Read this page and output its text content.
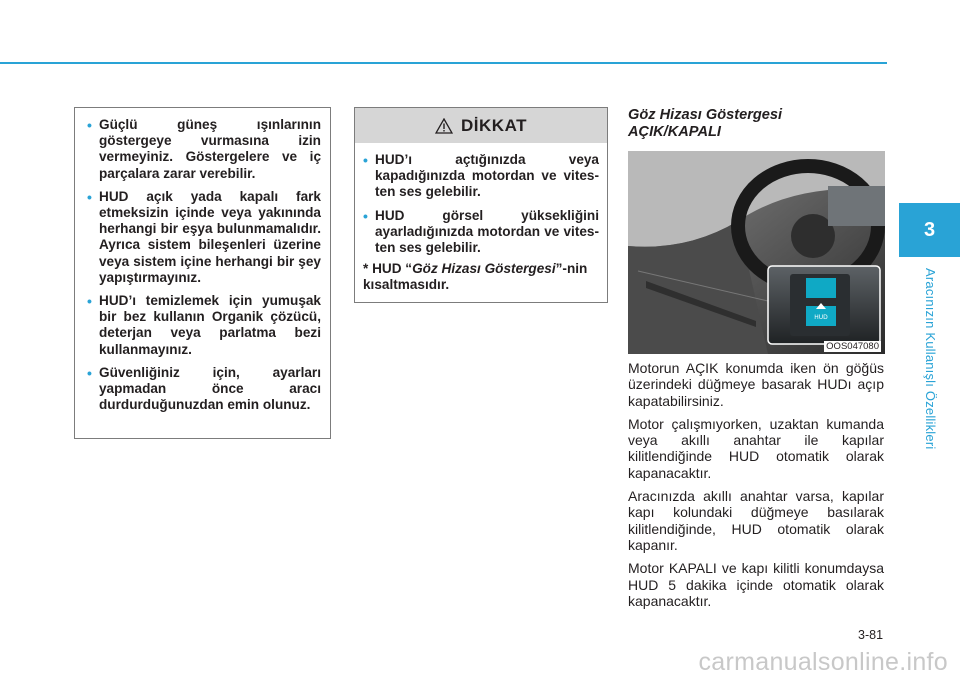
3
Aracınızın Kullanışlı Özellikleri
• Güçlü güneş ışınlarının göstergeye vurmasına izin vermeyiniz. Göstergelere ve iç parçalara zarar verebilir.
• HUD açık yada kapalı fark etmeksizin içinde veya yakınında herhangi bir eşya bulunmamalıdır. Ayrıca sistem bileşenleri üzerine veya sistem içine herhangi bir şey yapıştırmayınız.
• HUD’ı temizlemek için yumuşak bir bez kullanın Organik çözücü, deterjan veya parlatma bezi kullanmayınız.
• Güvenliğiniz için, ayarları yapmadan önce aracı durdurduğunuzdan emin olunuz.
DİKKAT
• HUD’ı açtığınızda veya kapadığınızda motordan ve vites-ten ses gelebilir.
• HUD görsel yüksekliğini ayarladığınızda motordan ve vites-ten ses gelebilir.
* HUD “Göz Hizası Göstergesi”-nin kısaltmasıdır.
Göz Hizası Göstergesi
AÇIK/KAPALI
HUD
OOS047080

Motorun AÇIK konumda iken ön göğüs üzerindeki düğmeye basarak HUDı açıp kapatabilirsiniz.

Motor çalışmıyorken, uzaktan kumanda veya akıllı anahtar ile kapılar kilitlendiğinde HUD otomatik olarak kapanacaktır.

Aracınızda akıllı anahtar varsa, kapılar kapı kolundaki düğmeye basılarak kilitlendiğinde, HUD otomatik olarak kapanır.

Motor KAPALI ve kapı kilitli konumdaysa HUD 5 dakika içinde otomatik olarak kapanacaktır.

3-81
carmanualsonline.info
